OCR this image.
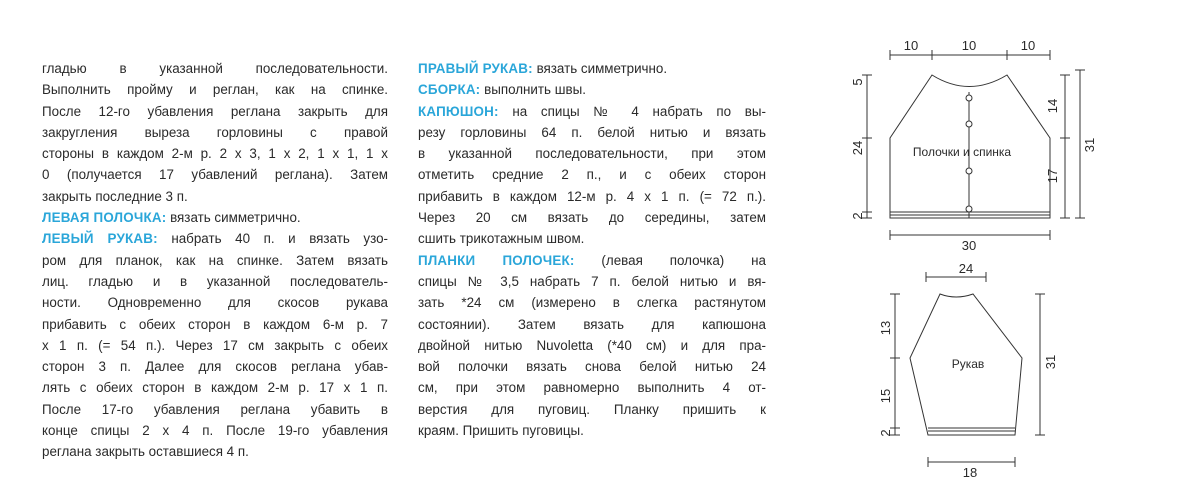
гладью в указанной последовательности.
Выполнить пройму и реглан, как на спинке.
После 12-го убавления реглана закрыть для
закругления выреза горловины с правой
стороны в каждом 2-м р. 2 х 3, 1 х 2, 1 х 1, 1 х
0 (получается 17 убавлений реглана). Затем
закрыть последние 3 п.
ЛЕВАЯ ПОЛОЧКА: вязать симметрично.
ЛЕВЫЙ РУКАВ: набрать 40 п. и вязать узо-
ром для планок, как на спинке. Затем вязать
лиц. гладью и в указанной последователь-
ности. Одновременно для скосов рукава
прибавить с обеих сторон в каждом 6-м р. 7
х 1 п. (= 54 п.). Через 17 см закрыть с обеих
сторон 3 п. Далее для скосов реглана убав-
лять с обеих сторон в каждом 2-м р. 17 х 1 п.
После 17-го убавления реглана убавить в
конце спицы 2 х 4 п. После 19-го убавления
реглана закрыть оставшиеся 4 п.
ПРАВЫЙ РУКАВ: вязать симметрично.
СБОРКА: выполнить швы.
КАПЮШОН: на спицы № 4 набрать по вы-
резу горловины 64 п. белой нитью и вязать
в указанной последовательности, при этом
отметить средние 2 п., и с обеих сторон
прибавить в каждом 12-м р. 4 х 1 п. (= 72 п.).
Через 20 см вязать до середины, затем
сшить трикотажным швом.
ПЛАНКИ ПОЛОЧЕК: (левая полочка) на
спицы № 3,5 набрать 7 п. белой нитью и вя-
зать *24 см (измерено в слегка растянутом
состоянии). Затем вязать для капюшона
двойной нитью Nuvoletta (*40 см) и для пра-
вой полочки вязать снова белой нитью 24
см, при этом равномерно выполнить 4 от-
верстия для пуговиц. Планку пришить к
краям. Пришить пуговицы.
10	10	10
5
24
2
14
17
31
30
Полочки и спинка
24
13
15
2
31
18
Рукав
